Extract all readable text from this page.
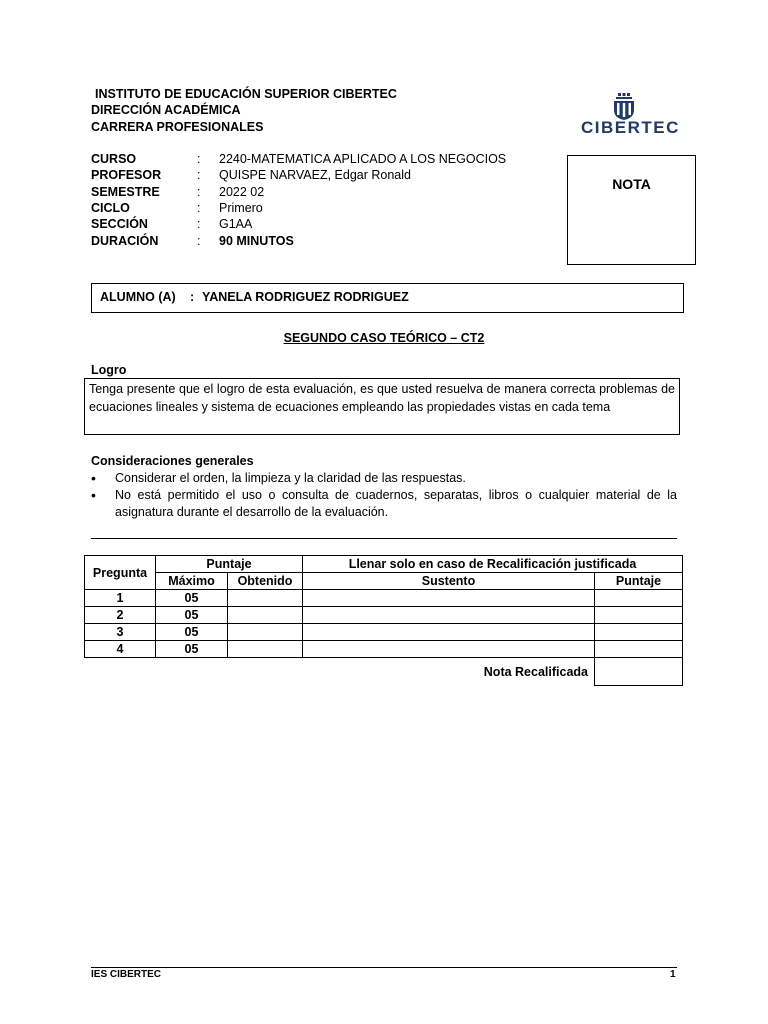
INSTITUTO DE EDUCACIÓN SUPERIOR CIBERTEC
DIRECCIÓN ACADÉMICA
CARRERA PROFESIONALES	CIBERTEC
CURSO	: 2240-MATEMATICA APLICADO A LOS NEGOCIOS
PROFESOR	: QUISPE NARVAEZ, Edgar Ronald
SEMESTRE	: 2022 02
CICLO	: Primero
SECCIÓN	: G1AA
DURACIÓN	: 90 MINUTOS
NOTA
ALUMNO (A) : YANELA RODRIGUEZ RODRIGUEZ
SEGUNDO CASO TEÓRICO – CT2
Logro

Tenga presente que el logro de esta evaluación, es que usted resuelva de manera correcta problemas de ecuaciones lineales y sistema de ecuaciones empleando las propiedades vistas en cada tema

Consideraciones generales
• Considerar el orden, la limpieza y la claridad de las respuestas.
• No está permitido el uso o consulta de cuadernos, separatas, libros o cualquier material de la asignatura durante el desarrollo de la evaluación.
Pregunta	Puntaje		Llenar solo en caso de Recalificación justificada	
	Máximo	Obtenido	Sustento	Puntaje
1	05			
2	05			
3	05			
4	05			
Nota Recalificada				
IES CIBERTEC	1
